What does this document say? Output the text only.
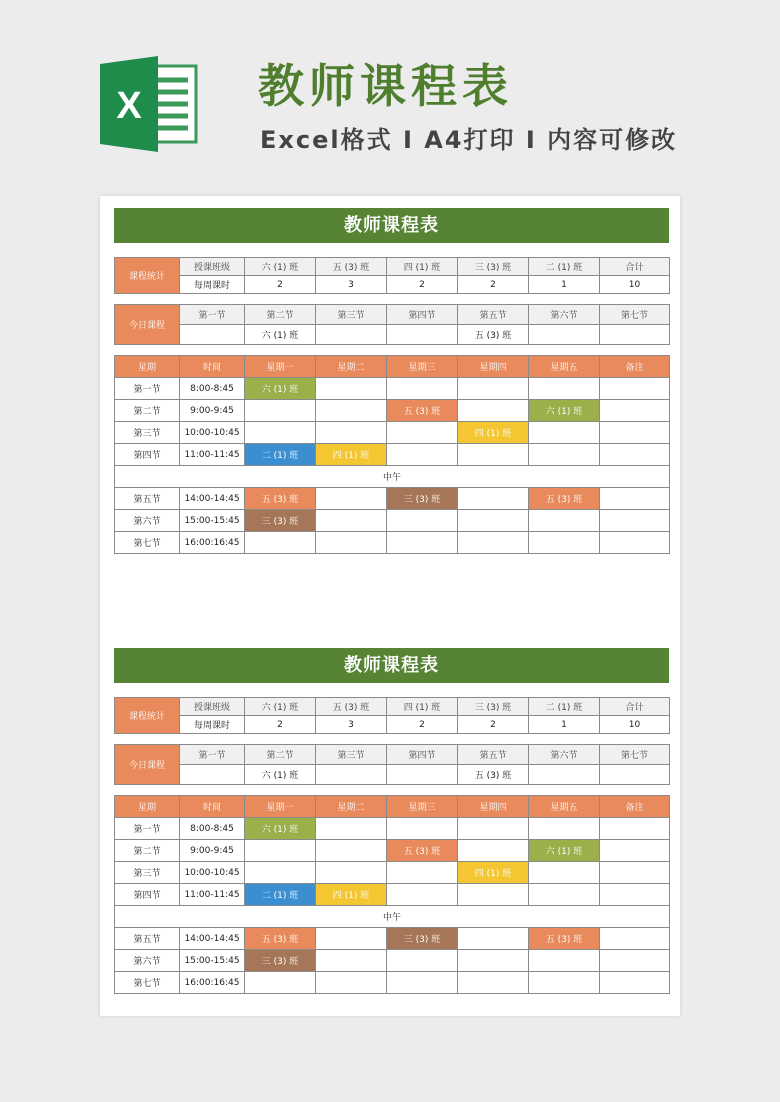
X	教师课程表
Excel格式 I A4打印 I 内容可修改
教师课程表
课程统计	授课班级	六 (1) 班	五 (3) 班	四 (1) 班	三 (3) 班	二 (1) 班	合计
	每周课时	2	3	2	2	1	10
今日课程	第一节	第二节	第三节	第四节	第五节	第六节	第七节
		六 (1) 班			五 (3) 班		
星期	时间	星期一	星期二	星期三	星期四	星期五	备注
第一节	8:00-8:45	六 (1) 班					
第二节	9:00-9:45			五 (3) 班		六 (1) 班	
第三节	10:00-10:45				四 (1) 班		
第四节	11:00-11:45	二 (1) 班	四 (1) 班				
中午							
第五节	14:00-14:45	五 (3) 班		三 (3) 班		五 (3) 班	
第六节	15:00-15:45	三 (3) 班					
第七节	16:00:16:45						
教师课程表
课程统计	授课班级	六 (1) 班	五 (3) 班	四 (1) 班	三 (3) 班	二 (1) 班	合计
	每周课时	2	3	2	2	1	10
今日课程	第一节	第二节	第三节	第四节	第五节	第六节	第七节
		六 (1) 班			五 (3) 班		
星期	时间	星期一	星期二	星期三	星期四	星期五	备注
第一节	8:00-8:45	六 (1) 班					
第二节	9:00-9:45			五 (3) 班		六 (1) 班	
第三节	10:00-10:45				四 (1) 班		
第四节	11:00-11:45	二 (1) 班	四 (1) 班				
中午							
第五节	14:00-14:45	五 (3) 班		三 (3) 班		五 (3) 班	
第六节	15:00-15:45	三 (3) 班					
第七节	16:00:16:45						
